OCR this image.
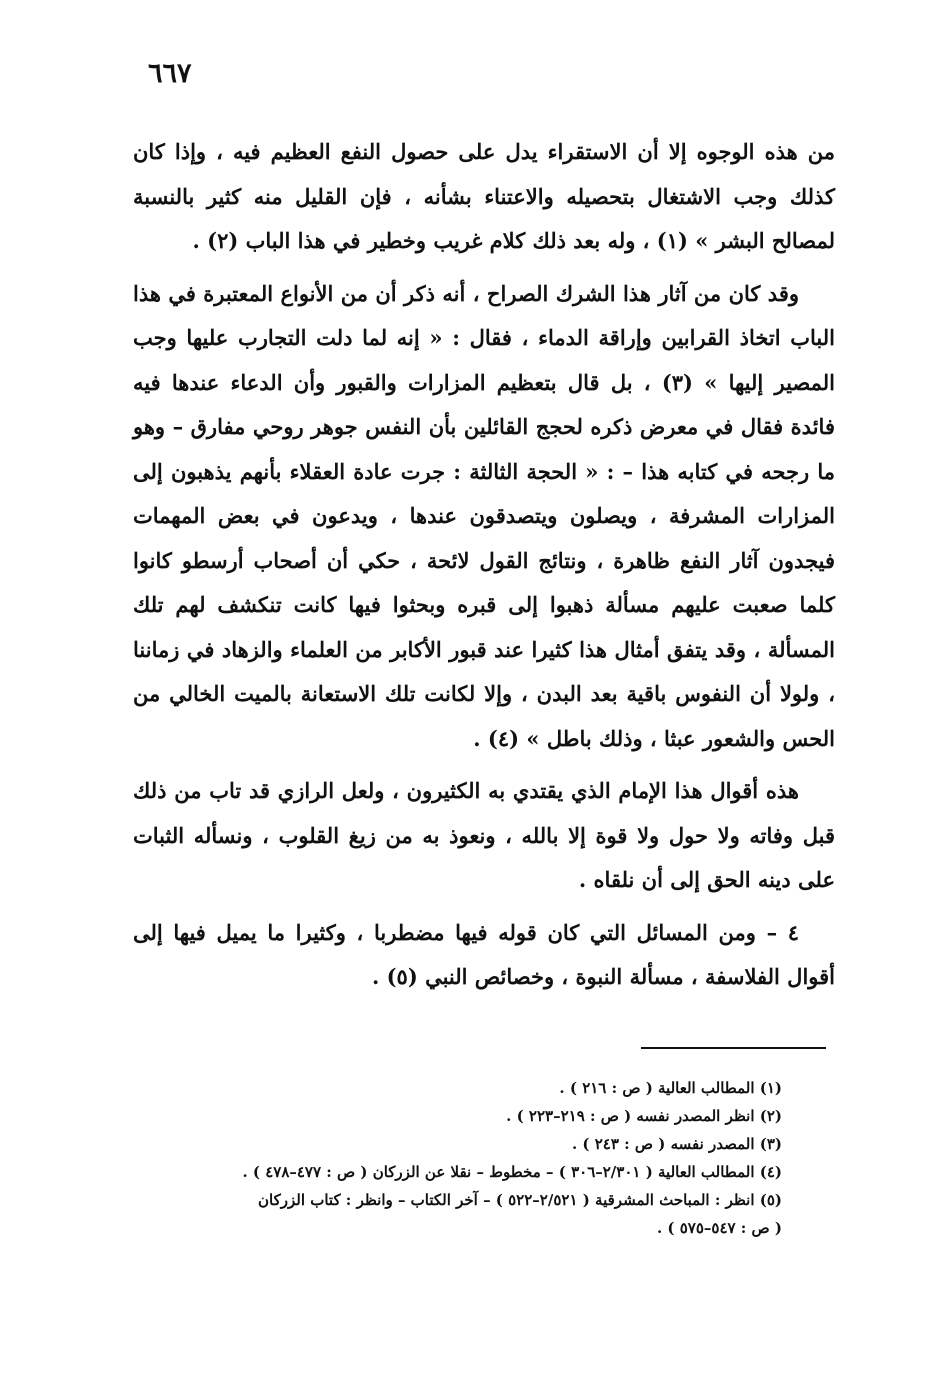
٦٦٧

من هذه الوجوه إلا أن الاستقراء يدل على حصول النفع العظيم فيه ، وإذا كان كذلك وجب الاشتغال بتحصيله والاعتناء بشأنه ، فإن القليل منه كثير بالنسبة لمصالح البشر » (١) ، وله بعد ذلك كلام غريب وخطير في هذا الباب (٢) .

وقد كان من آثار هذا الشرك الصراح ، أنه ذكر أن من الأنواع المعتبرة في هذا الباب اتخاذ القرابين وإراقة الدماء ، فقال : « إنه لما دلت التجارب عليها وجب المصير إليها » (٣) ، بل قال بتعظيم المزارات والقبور وأن الدعاء عندها فيه فائدة فقال في معرض ذكره لحجج القائلين بأن النفس جوهر روحي مفارق – وهو ما رجحه في كتابه هذا – : « الحجة الثالثة : جرت عادة العقلاء بأنهم يذهبون إلى المزارات المشرفة ، ويصلون ويتصدقون عندها ، ويدعون في بعض المهمات فيجدون آثار النفع ظاهرة ، ونتائج القول لائحة ، حكي أن أصحاب أرسطو كانوا كلما صعبت عليهم مسألة ذهبوا إلى قبره وبحثوا فيها كانت تنكشف لهم تلك المسألة ، وقد يتفق أمثال هذا كثيرا عند قبور الأكابر من العلماء والزهاد في زماننا ، ولولا أن النفوس باقية بعد البدن ، وإلا لكانت تلك الاستعانة بالميت الخالي من الحس والشعور عبثا ، وذلك باطل » (٤) .

هذه أقوال هذا الإمام الذي يقتدي به الكثيرون ، ولعل الرازي قد تاب من ذلك قبل وفاته ولا حول ولا قوة إلا بالله ، ونعوذ به من زيغ القلوب ، ونسأله الثبات على دينه الحق إلى أن نلقاه .

٤ – ومن المسائل التي كان قوله فيها مضطربا ، وكثيرا ما يميل فيها إلى أقوال الفلاسفة ، مسألة النبوة ، وخصائص النبي (٥) .

(١) المطالب العالية ( ص : ٢١٦ ) .

(٢) انظر المصدر نفسه ( ص : ٢١٩–٢٢٣ ) .

(٣) المصدر نفسه ( ص : ٢٤٣ ) .

(٤) المطالب العالية ( ٢/٣٠١–٣٠٦ ) – مخطوط – نقلا عن الزركان ( ص : ٤٧٧–٤٧٨ ) .

(٥) انظر : المباحث المشرقية ( ٢/٥٢١–٥٢٢ ) – آخر الكتاب – وانظر : كتاب الزركان

( ص : ٥٤٧–٥٧٥ ) .
